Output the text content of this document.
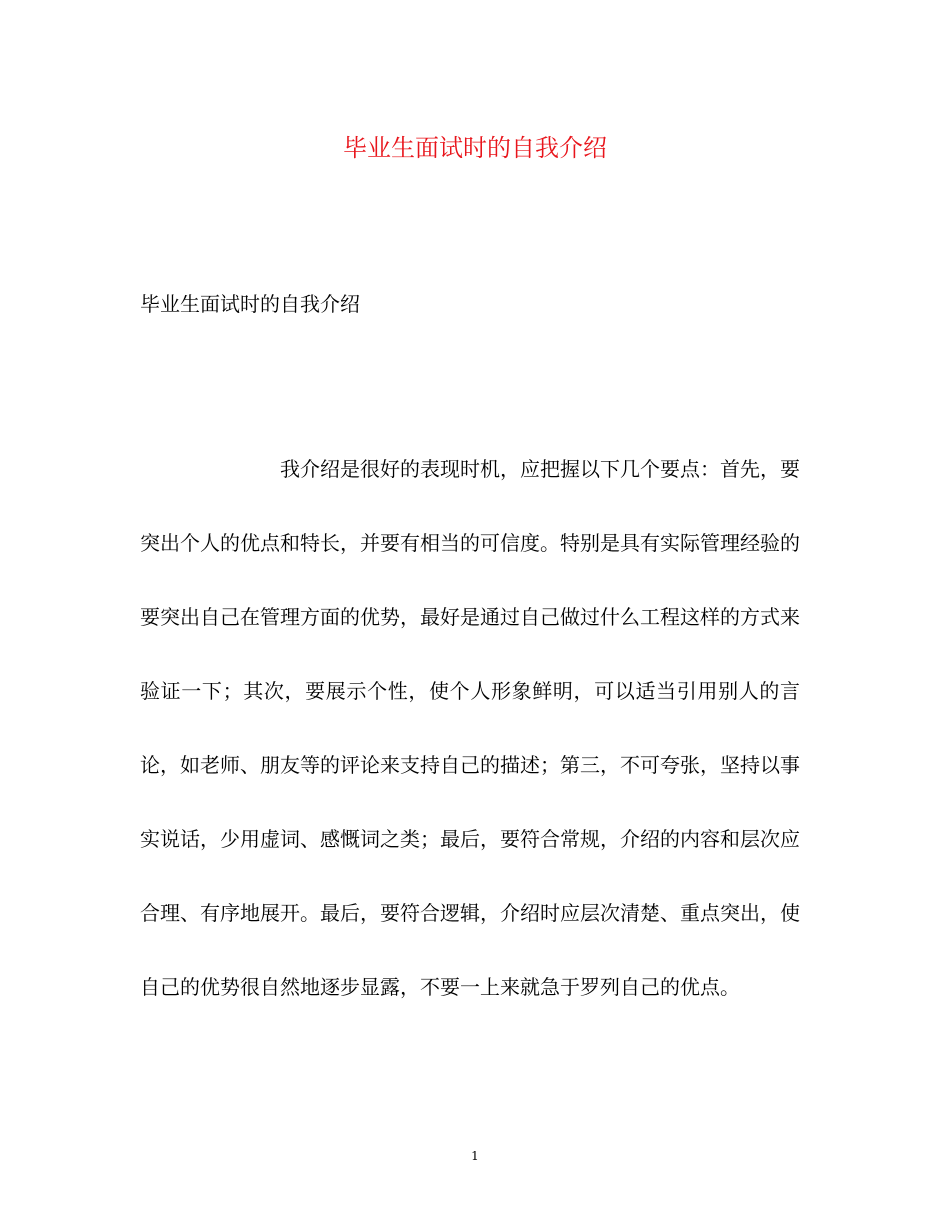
毕业生面试时的自我介绍

毕业生面试时的自我介绍

我介绍是很好的表现时机，应把握以下几个要点：首先，要突出个人的优点和特长，并要有相当的可信度。特别是具有实际管理经验的要突出自己在管理方面的优势，最好是通过自己做过什么工程这样的方式来验证一下；其次，要展示个性，使个人形象鲜明，可以适当引用别人的言论，如老师、朋友等的评论来支持自己的描述；第三，不可夸张，坚持以事实说话，少用虚词、感慨词之类；最后，要符合常规，介绍的内容和层次应合理、有序地展开。最后，要符合逻辑，介绍时应层次清楚、重点突出，使自己的优势很自然地逐步显露，不要一上来就急于罗列自己的优点。

1
